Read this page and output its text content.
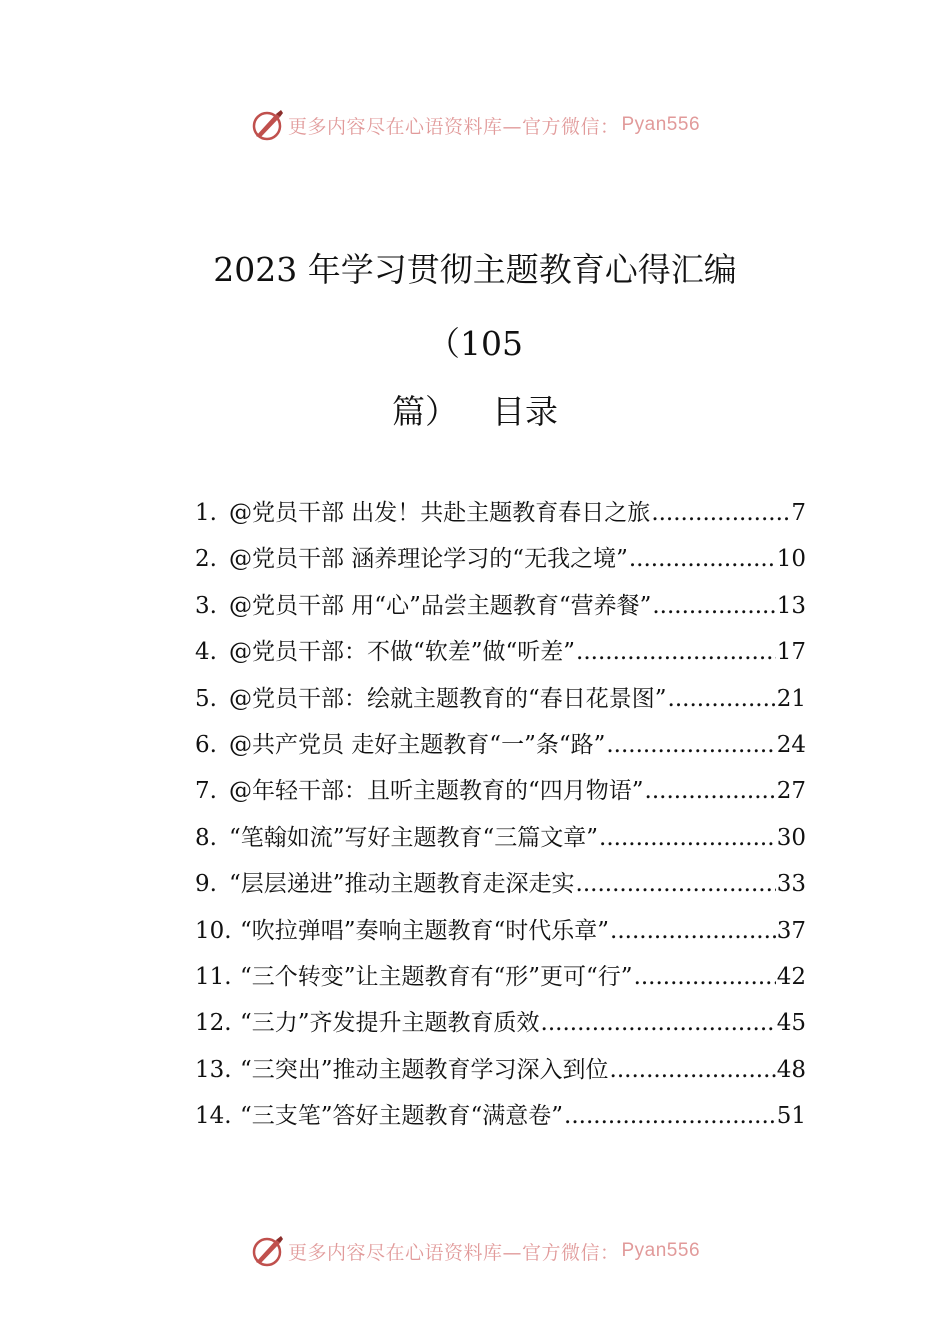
更多内容尽在心语资料库—官方微信： Pyan556
2023 年学习贯彻主题教育心得汇编
（105
篇） 目录
1. @党员干部 出发！共赴主题教育春日之旅 .....	7
2. @党员干部 涵养理论学习的“无我之境” .....	10
3. @党员干部 用“心”品尝主题教育“营养餐” .....	13
4. @党员干部：不做“软差”做“听差” .....	17
5. @党员干部：绘就主题教育的“春日花景图” .....	21
6. @共产党员 走好主题教育“一”条“路” .....	24
7. @年轻干部：且听主题教育的“四月物语” .....	27
8. “笔翰如流”写好主题教育“三篇文章” .....	30
9. “层层递进”推动主题教育走深走实 .....	33
10. “吹拉弹唱”奏响主题教育“时代乐章” .....	37
11. “三个转变”让主题教育有“形”更可“行” .....	42
12. “三力”齐发提升主题教育质效 .....	45
13. “三突出”推动主题教育学习深入到位 .....	48
14. “三支笔”答好主题教育“满意卷” .....	51
更多内容尽在心语资料库—官方微信： Pyan556
